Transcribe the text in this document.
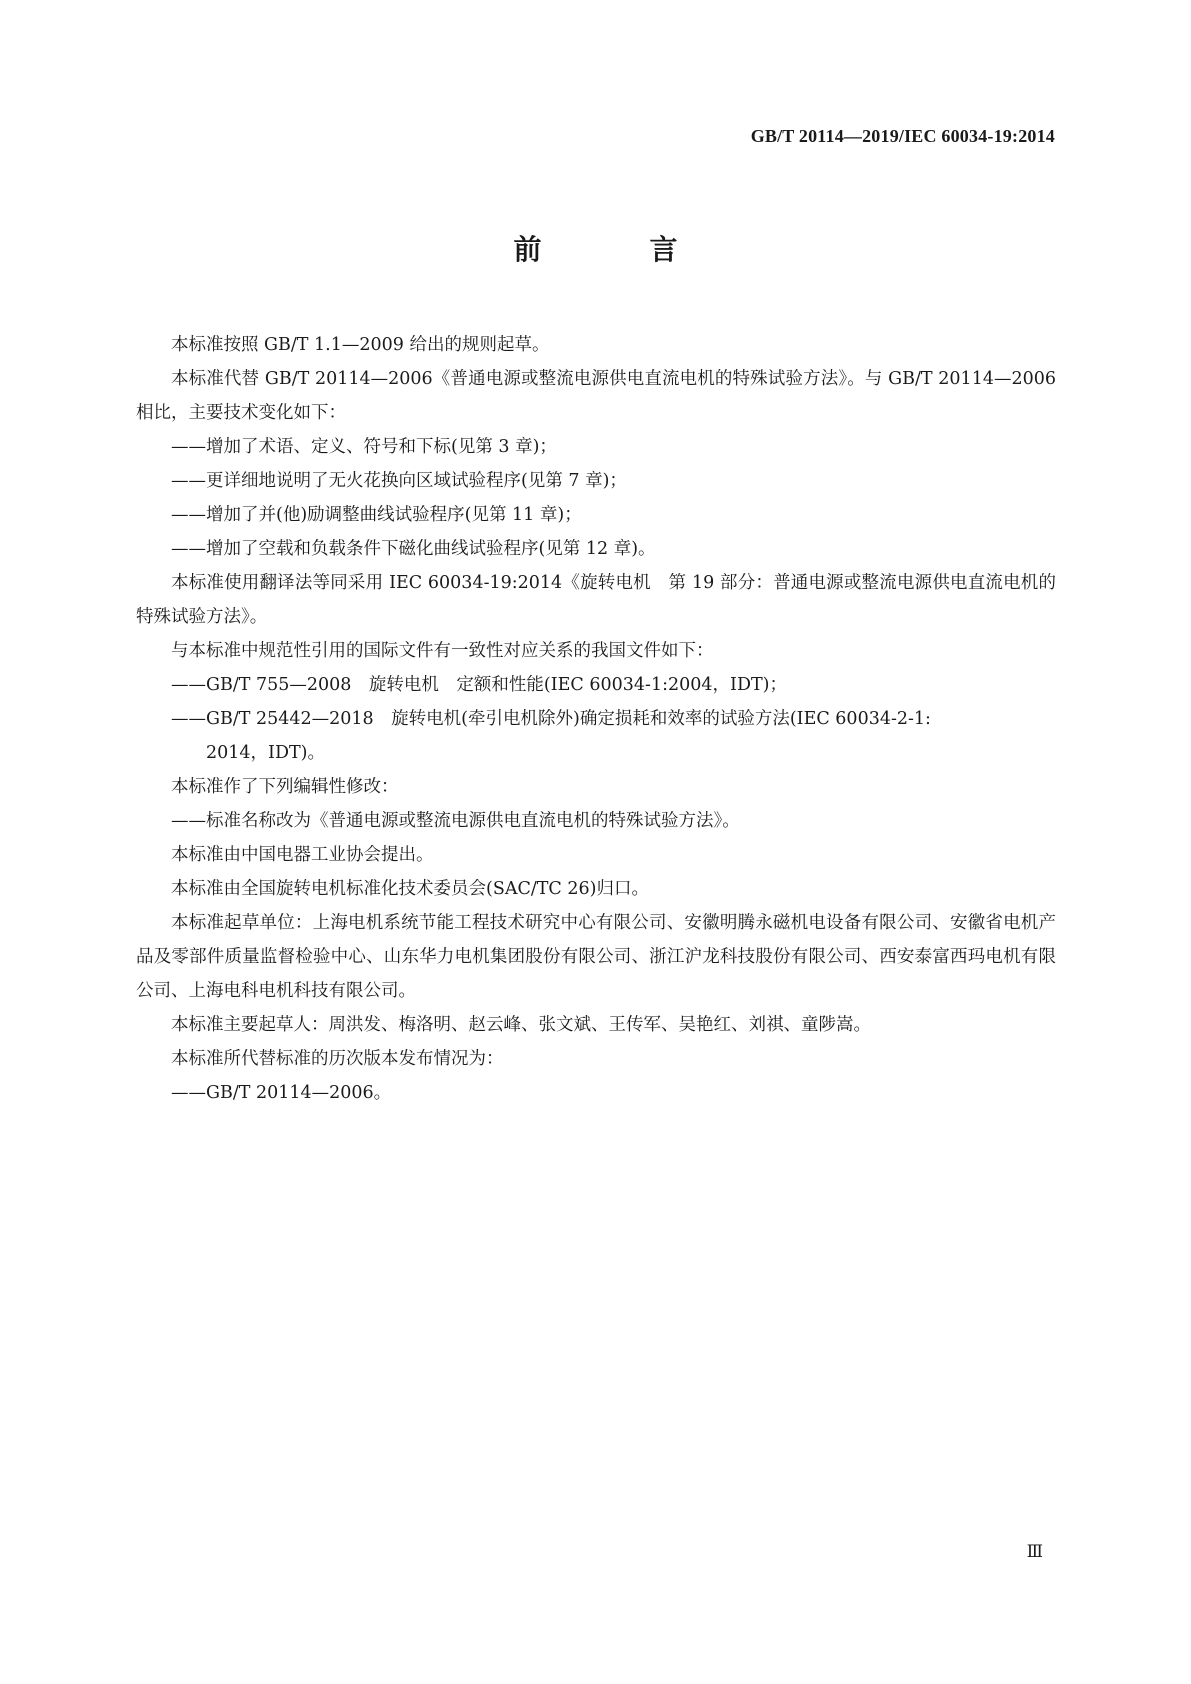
GB/T 20114—2019/IEC 60034-19:2014
前　言

本标准按照 GB/T 1.1—2009 给出的规则起草。

本标准代替 GB/T 20114—2006《普通电源或整流电源供电直流电机的特殊试验方法》。与 GB/T 20114—2006 相比，主要技术变化如下：

——增加了术语、定义、符号和下标(见第 3 章)；

——更详细地说明了无火花换向区域试验程序(见第 7 章)；

——增加了并(他)励调整曲线试验程序(见第 11 章)；

——增加了空载和负载条件下磁化曲线试验程序(见第 12 章)。

本标准使用翻译法等同采用 IEC 60034-19:2014《旋转电机　第 19 部分：普通电源或整流电源供电直流电机的特殊试验方法》。

与本标准中规范性引用的国际文件有一致性对应关系的我国文件如下：

——GB/T 755—2008　旋转电机　定额和性能(IEC 60034-1:2004，IDT)；

——GB/T 25442—2018　旋转电机(牵引电机除外)确定损耗和效率的试验方法(IEC 60034-2-1:

2014，IDT)。

本标准作了下列编辑性修改：

——标准名称改为《普通电源或整流电源供电直流电机的特殊试验方法》。

本标准由中国电器工业协会提出。

本标准由全国旋转电机标准化技术委员会(SAC/TC 26)归口。

本标准起草单位：上海电机系统节能工程技术研究中心有限公司、安徽明腾永磁机电设备有限公司、安徽省电机产品及零部件质量监督检验中心、山东华力电机集团股份有限公司、浙江沪龙科技股份有限公司、西安泰富西玛电机有限公司、上海电科电机科技有限公司。

本标准主要起草人：周洪发、梅洛明、赵云峰、张文斌、王传军、吴艳红、刘祺、童陟嵩。

本标准所代替标准的历次版本发布情况为：

——GB/T 20114—2006。

Ⅲ
